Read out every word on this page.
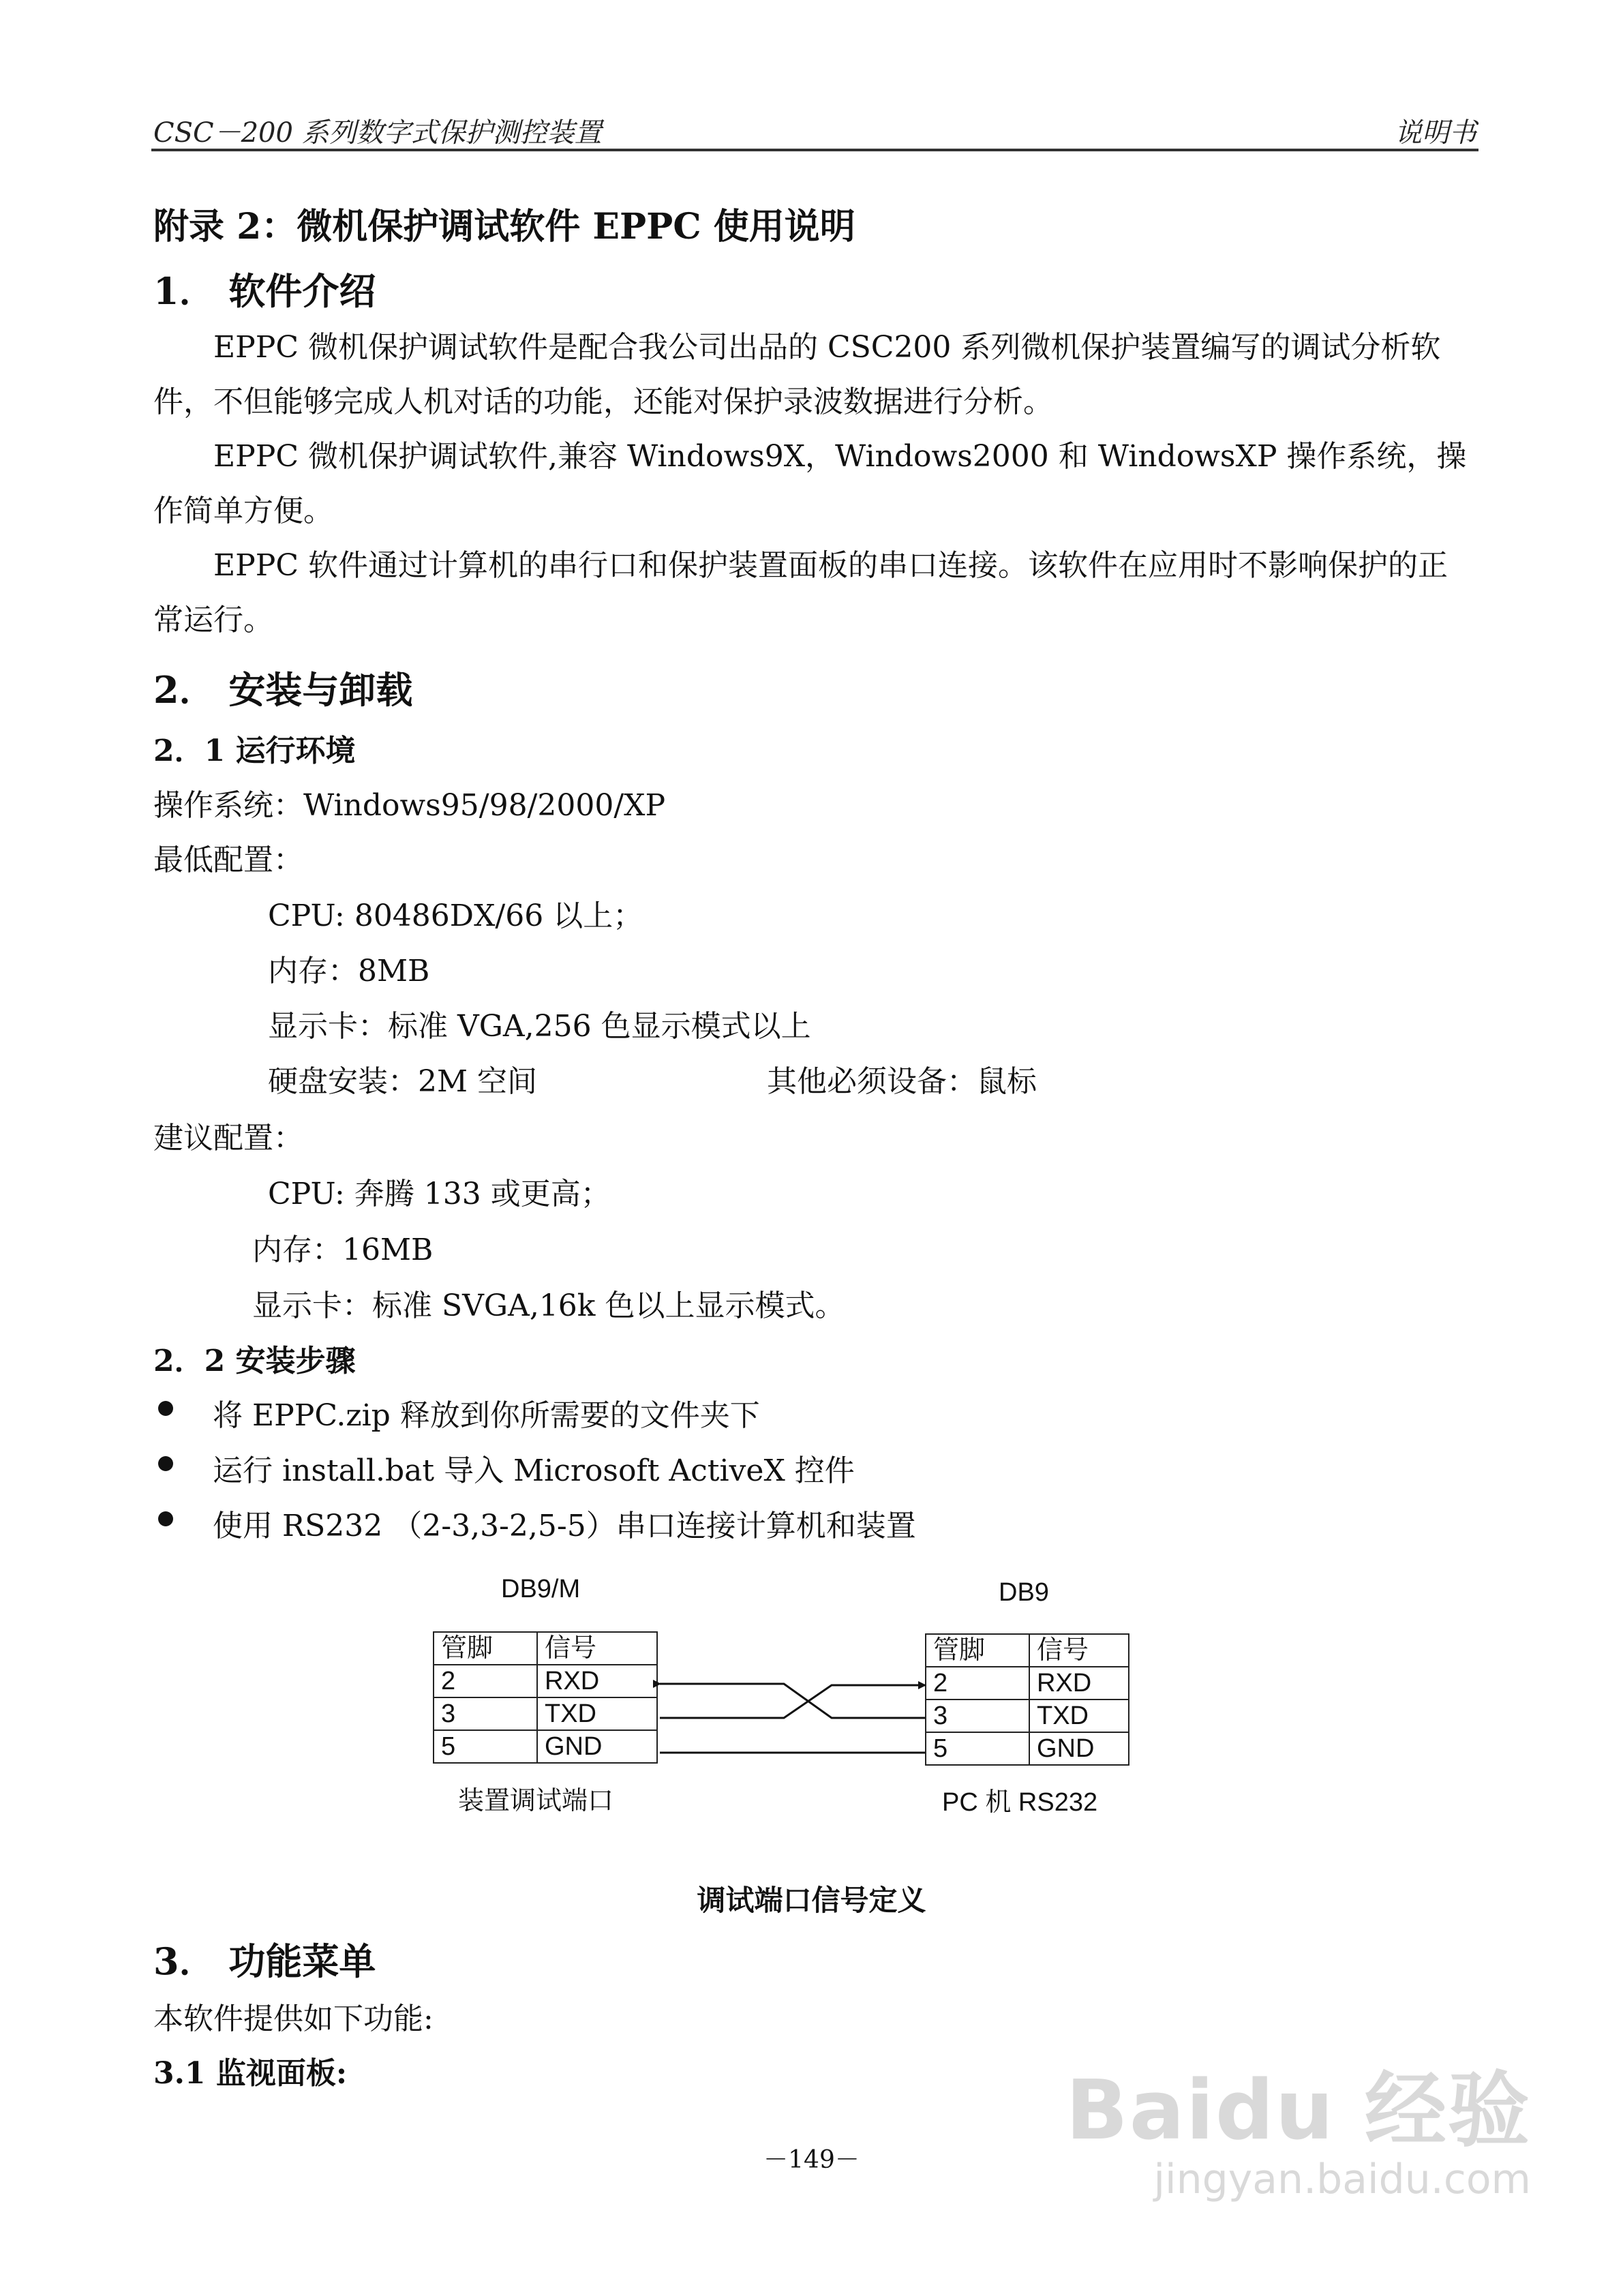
CSC－200 系列数字式保护测控装置	说明书
附录 2：微机保护调试软件 EPPC 使用说明
1． 软件介绍
EPPC 微机保护调试软件是配合我公司出品的 CSC200 系列微机保护装置编写的调试分析软件，不但能够完成人机对话的功能，还能对保护录波数据进行分析。
EPPC 微机保护调试软件,兼容 Windows9X，Windows2000 和 WindowsXP 操作系统，操作简单方便。
EPPC 软件通过计算机的串行口和保护装置面板的串口连接。该软件在应用时不影响保护的正常运行。
2． 安装与卸载
2．1 运行环境
操作系统：Windows95/98/2000/XP
最低配置：
CPU: 80486DX/66 以上；
内存：8MB
显示卡：标准 VGA,256 色显示模式以上
硬盘安装：2M 空间	其他必须设备：鼠标
建议配置：
CPU: 奔腾 133 或更高；
内存：16MB
显示卡：标准 SVGA,16k 色以上显示模式。
2．2 安装步骤
将 EPPC.zip 释放到你所需要的文件夹下
运行 install.bat 导入 Microsoft ActiveX 控件
使用 RS232 （2-3,3-2,5-5）串口连接计算机和装置
DB9/M	DB9
管脚	信号
2	RXD
3	TXD
5	GND
管脚	信号
2	RXD
3	TXD
5	GND
装置调试端口	PC 机 RS232
调试端口信号定义
3． 功能菜单
本软件提供如下功能:
3.1 监视面板:
－149－
Baidu 经验
jingyan.baidu.com
